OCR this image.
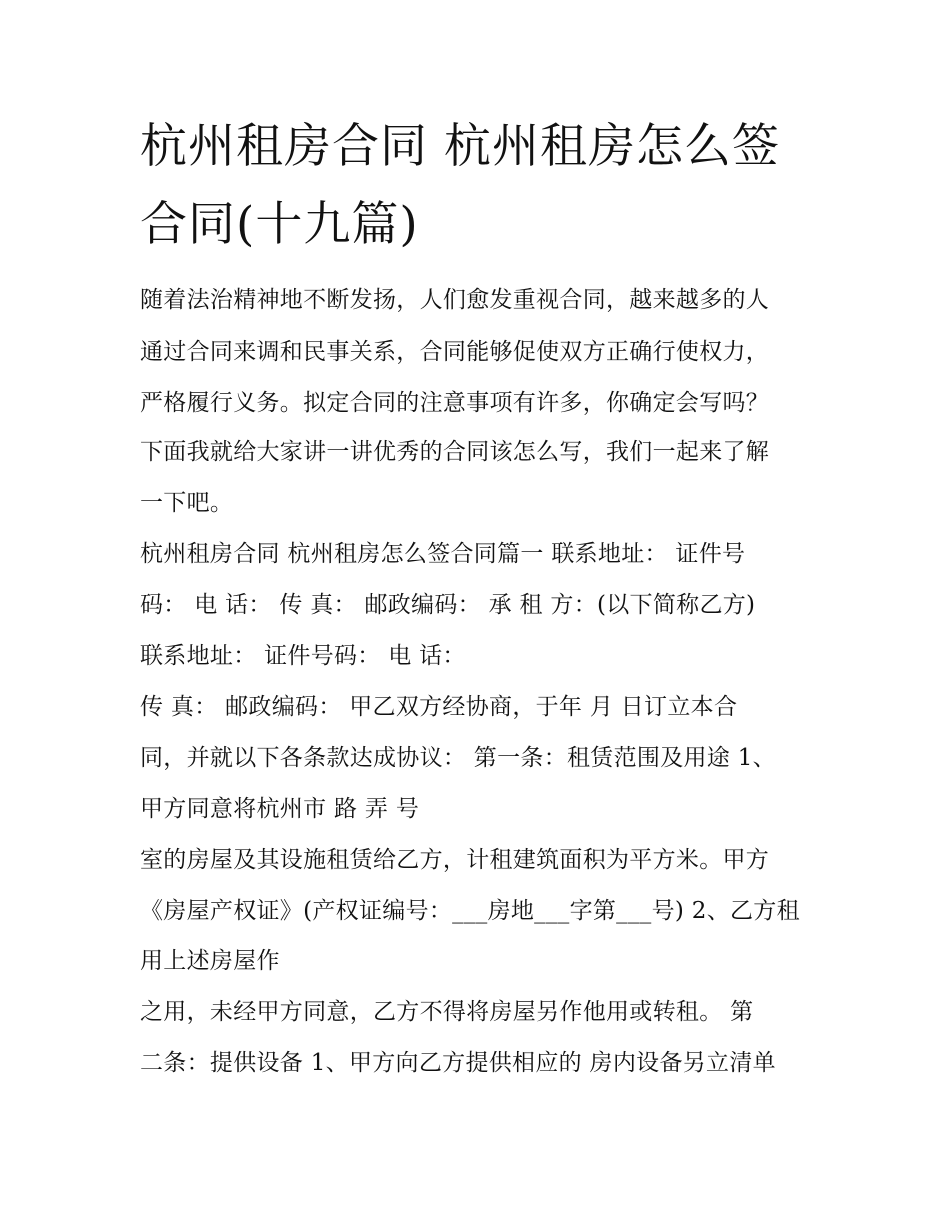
杭州租房合同 杭州租房怎么签
合同(十九篇)

随着法治精神地不断发扬，人们愈发重视合同，越来越多的人

通过合同来调和民事关系，合同能够促使双方正确行使权力，

严格履行义务。拟定合同的注意事项有许多，你确定会写吗？

下面我就给大家讲一讲优秀的合同该怎么写，我们一起来了解

一下吧。

杭州租房合同 杭州租房怎么签合同篇一 联系地址： 证件号

码： 电 话： 传 真： 邮政编码： 承 租 方：(以下简称乙方)

联系地址： 证件号码： 电 话：

传 真： 邮政编码： 甲乙双方经协商，于年 月 日订立本合

同，并就以下各条款达成协议： 第一条：租赁范围及用途 1、

甲方同意将杭州市 路 弄 号

室的房屋及其设施租赁给乙方，计租建筑面积为平方米。甲方

《房屋产权证》(产权证编号：___房地___字第___号) 2、乙方租

用上述房屋作

之用，未经甲方同意，乙方不得将房屋另作他用或转租。 第

二条：提供设备 1、甲方向乙方提供相应的 房内设备另立清单
